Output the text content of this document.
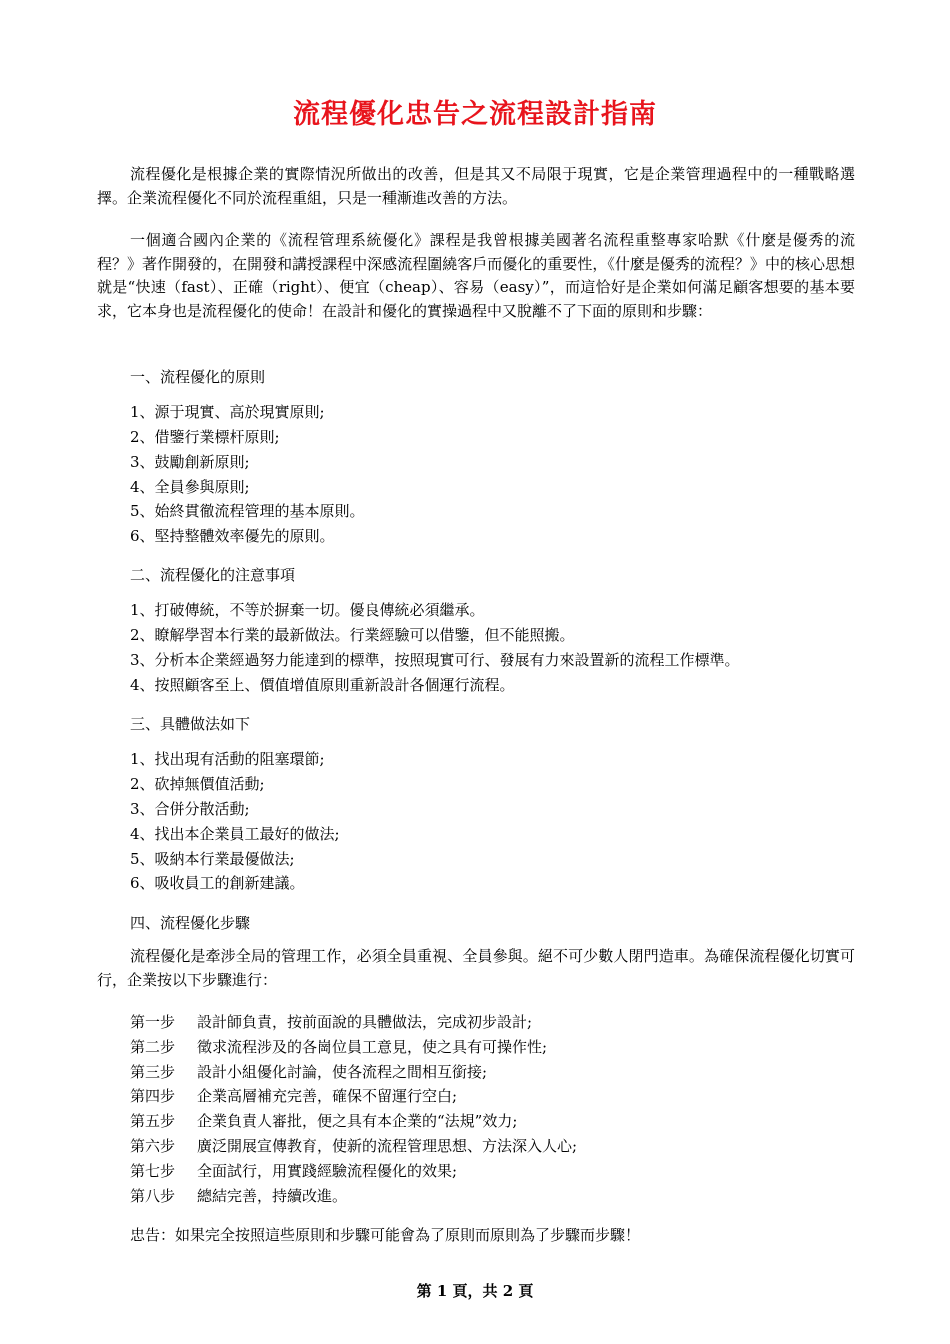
流程優化忠告之流程設計指南

流程優化是根據企業的實際情況所做出的改善，但是其又不局限于現實，它是企業管理過程中的一種戰略選擇。企業流程優化不同於流程重組，只是一種漸進改善的方法。

一個適合國內企業的《流程管理系統優化》課程是我曾根據美國著名流程重整專家哈默《什麼是優秀的流程？》著作開發的，在開發和講授課程中深感流程圍繞客戶而優化的重要性，《什麼是優秀的流程？》中的核心思想就是“快速（fast）、正確（right）、便宜（cheap）、容易（easy）”，而這恰好是企業如何滿足顧客想要的基本要求，它本身也是流程優化的使命！在設計和優化的實操過程中又脫離不了下面的原則和步驟：

一、流程優化的原則

1、源于現實、高於現實原則;

2、借鑒行業標杆原則;

3、鼓勵創新原則;

4、全員參與原則;

5、始終貫徹流程管理的基本原則。

6、堅持整體效率優先的原則。

二、流程優化的注意事項

1、打破傳統，不等於摒棄一切。優良傳統必須繼承。

2、瞭解學習本行業的最新做法。行業經驗可以借鑒，但不能照搬。

3、分析本企業經過努力能達到的標準，按照現實可行、發展有力來設置新的流程工作標準。

4、按照顧客至上、價值增值原則重新設計各個運行流程。

三、具體做法如下

1、找出現有活動的阻塞環節;

2、砍掉無價值活動;

3、合併分散活動;

4、找出本企業員工最好的做法;

5、吸納本行業最優做法;

6、吸收員工的創新建議。

四、流程優化步驟

流程優化是牽涉全局的管理工作，必須全員重視、全員參與。絕不可少數人閉門造車。為確保流程優化切實可行，企業按以下步驟進行：

第一步 設計師負責，按前面說的具體做法，完成初步設計;

第二步 徵求流程涉及的各崗位員工意見，使之具有可操作性;

第三步 設計小組優化討論，使各流程之間相互銜接;

第四步 企業高層補充完善，確保不留運行空白;

第五步 企業負責人審批，便之具有本企業的“法規”效力;

第六步 廣泛開展宣傳教育，使新的流程管理思想、方法深入人心;

第七步 全面試行，用實踐經驗流程優化的效果;

第八步 總結完善，持續改進。

忠告：如果完全按照這些原則和步驟可能會為了原則而原則為了步驟而步驟！

第 1 頁，共 2 頁
